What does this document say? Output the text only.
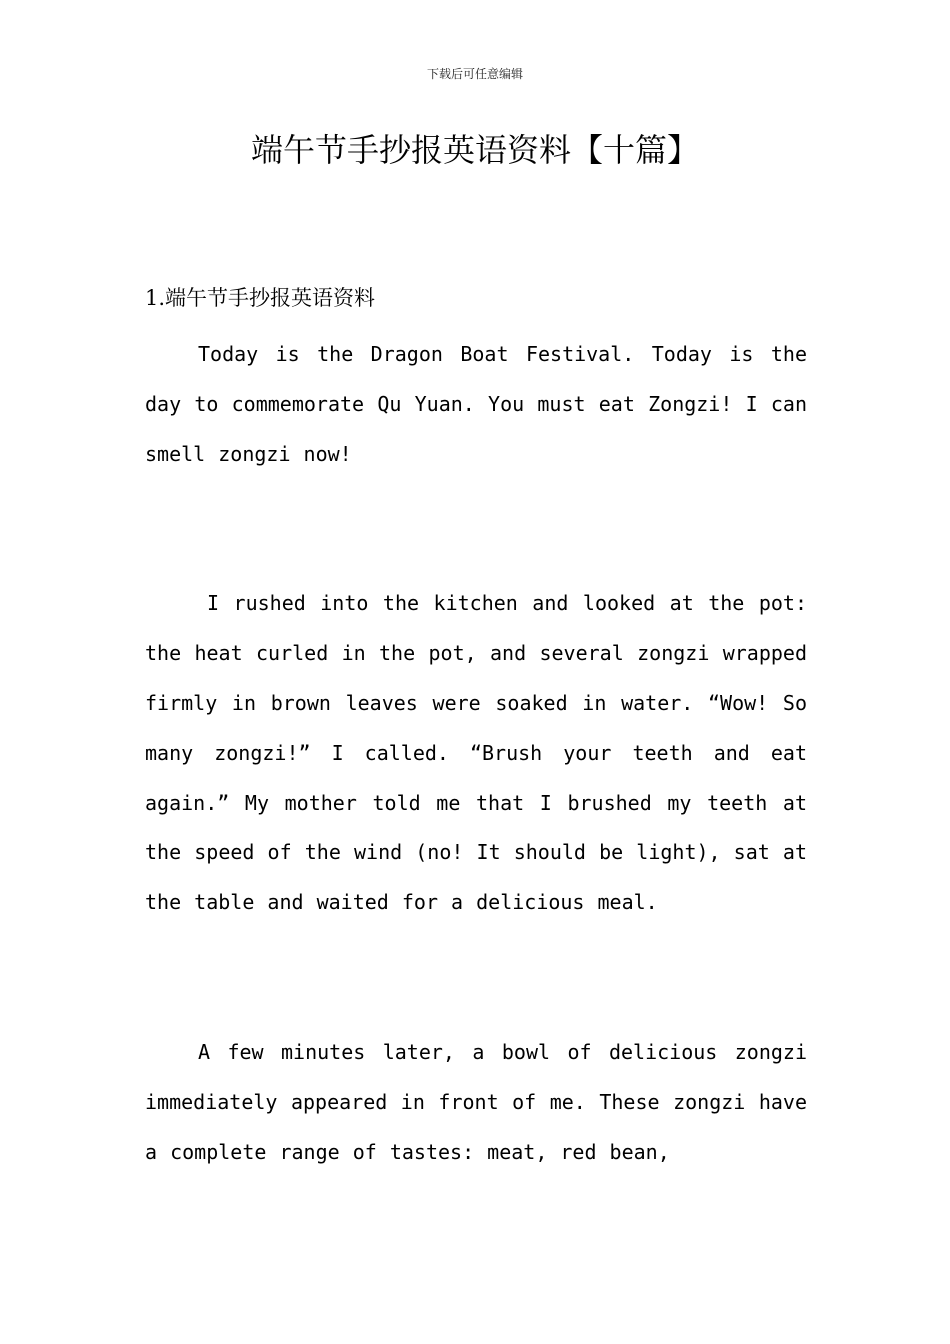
下载后可任意编辑
端午节手抄报英语资料【十篇】
1.端午节手抄报英语资料

Today is the Dragon Boat Festival. Today is the day to commemorate Qu Yuan. You must eat Zongzi! I can smell zongzi now!

I rushed into the kitchen and looked at the pot: the heat curled in the pot, and several zongzi wrapped firmly in brown leaves were soaked in water. “Wow! So many zongzi!” I called. “Brush your teeth and eat again.” My mother told me that I brushed my teeth at the speed of the wind (no! It should be light), sat at the table and waited for a delicious meal.

A few minutes later, a bowl of delicious zongzi immediately appeared in front of me. These zongzi have a complete range of tastes: meat, red bean,
